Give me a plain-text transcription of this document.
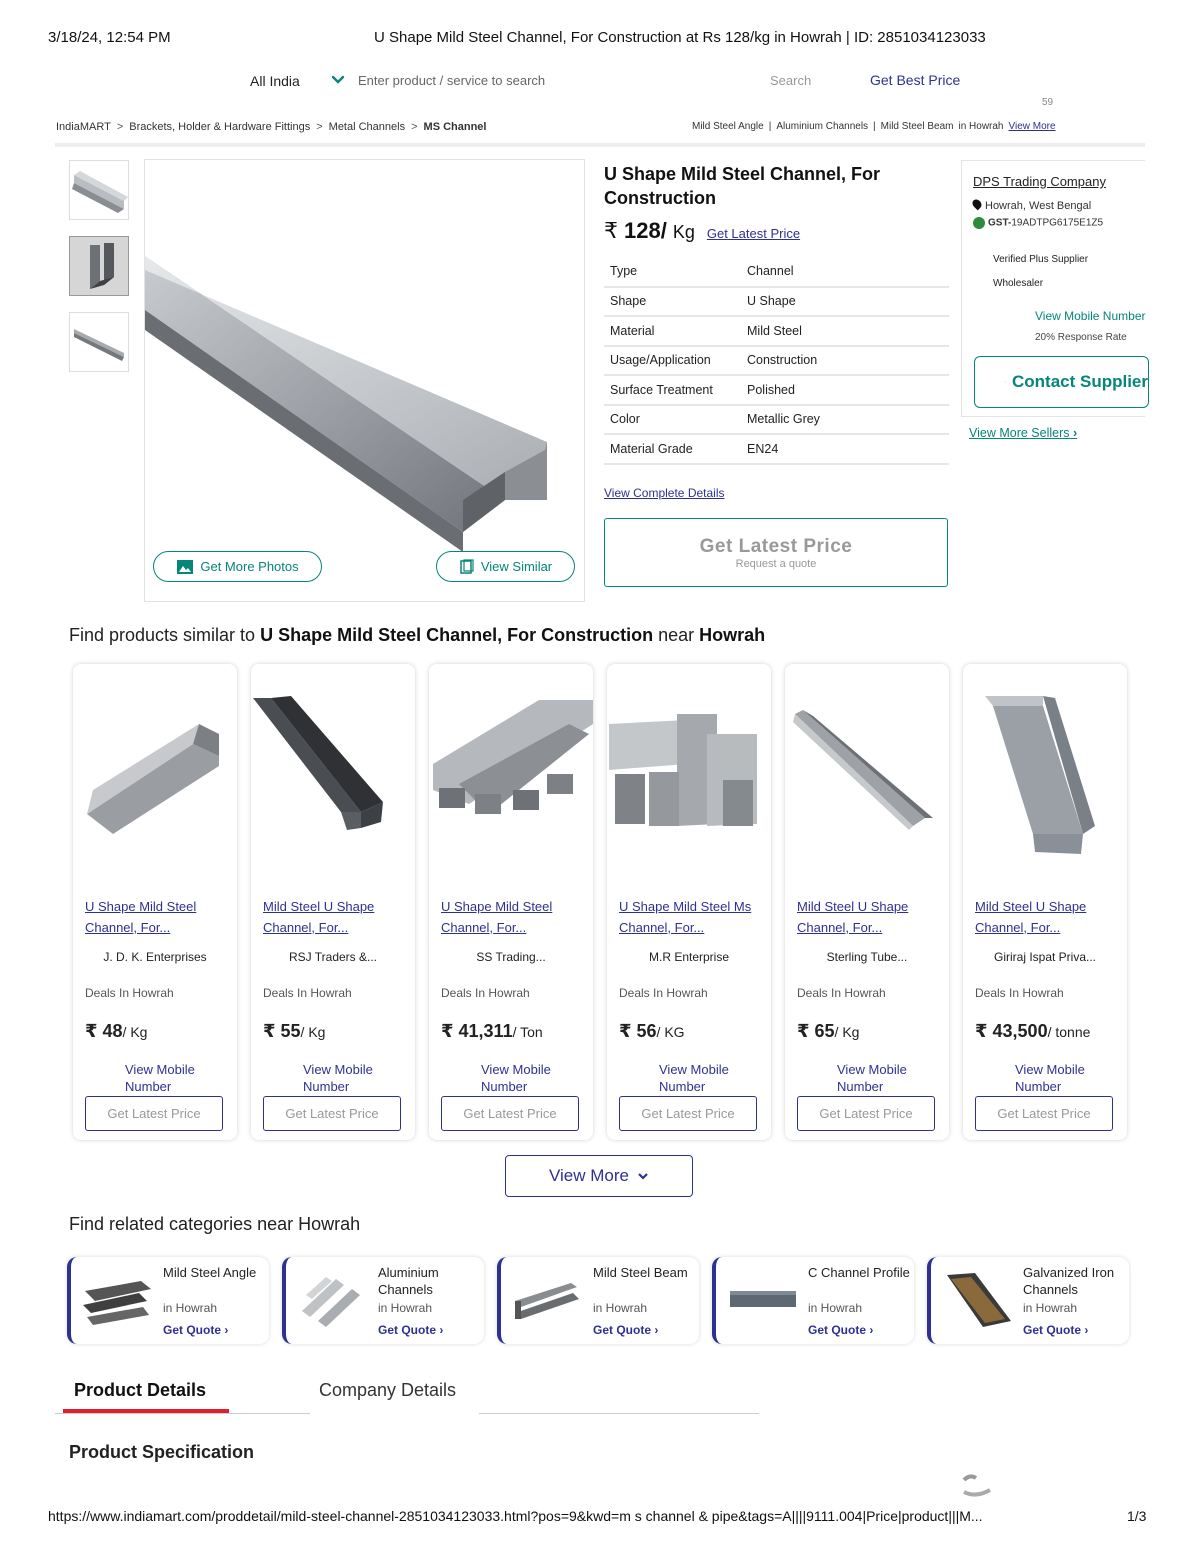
3/18/24, 12:54 PM	U Shape Mild Steel Channel, For Construction at Rs 128/kg in Howrah | ID: 2851034123033
All India	Enter product / service to search	Search	Get Best Price
59
IndiaMART > Brackets, Holder & Hardware Fittings > Metal Channels > MS Channel	Mild Steel Angle | Aluminium Channels | Mild Steel Beam in Howrah View More
Get More Photos	View Similar
U Shape Mild Steel Channel, For Construction
₹ 128/ Kg Get Latest Price
Type	Channel
Shape	U Shape
Material	Mild Steel
Usage/Application	Construction
Surface Treatment	Polished
Color	Metallic Grey
Material Grade	EN24
View Complete Details
Get Latest Price
Request a quote
DPS Trading Company
Howrah, West Bengal
GST-19ADTPG6175E1Z5
Verified Plus Supplier
Wholesaler
View Mobile Number
20% Response Rate
Contact Supplier
View More Sellers ›
Find products similar to U Shape Mild Steel Channel, For Construction near Howrah
U Shape Mild Steel Channel, For...
J. D. K. Enterprises
Deals In Howrah
₹ 48/ Kg
View Mobile Number
Get Latest Price
Mild Steel U Shape Channel, For...
RSJ Traders &...
Deals In Howrah
₹ 55/ Kg
View Mobile Number
Get Latest Price
U Shape Mild Steel Channel, For...
SS Trading...
Deals In Howrah
₹ 41,311/ Ton
View Mobile Number
Get Latest Price
U Shape Mild Steel Ms Channel, For...
M.R Enterprise
Deals In Howrah
₹ 56/ KG
View Mobile Number
Get Latest Price
Mild Steel U Shape Channel, For...
Sterling Tube...
Deals In Howrah
₹ 65/ Kg
View Mobile Number
Get Latest Price
Mild Steel U Shape Channel, For...
Giriraj Ispat Priva...
Deals In Howrah
₹ 43,500/ tonne
View Mobile Number
Get Latest Price
View More
Find related categories near Howrah
Mild Steel Angle
in Howrah
Get Quote ›
Aluminium Channels
in Howrah
Get Quote ›
Mild Steel Beam
in Howrah
Get Quote ›
C Channel Profile
in Howrah
Get Quote ›
Galvanized Iron Channels
in Howrah
Get Quote ›
Product Details	Company Details
Product Specification
https://www.indiamart.com/proddetail/mild-steel-channel-2851034123033.html?pos=9&kwd=m s channel & pipe&tags=A||||9111.004|Price|product|||M...	1/3
